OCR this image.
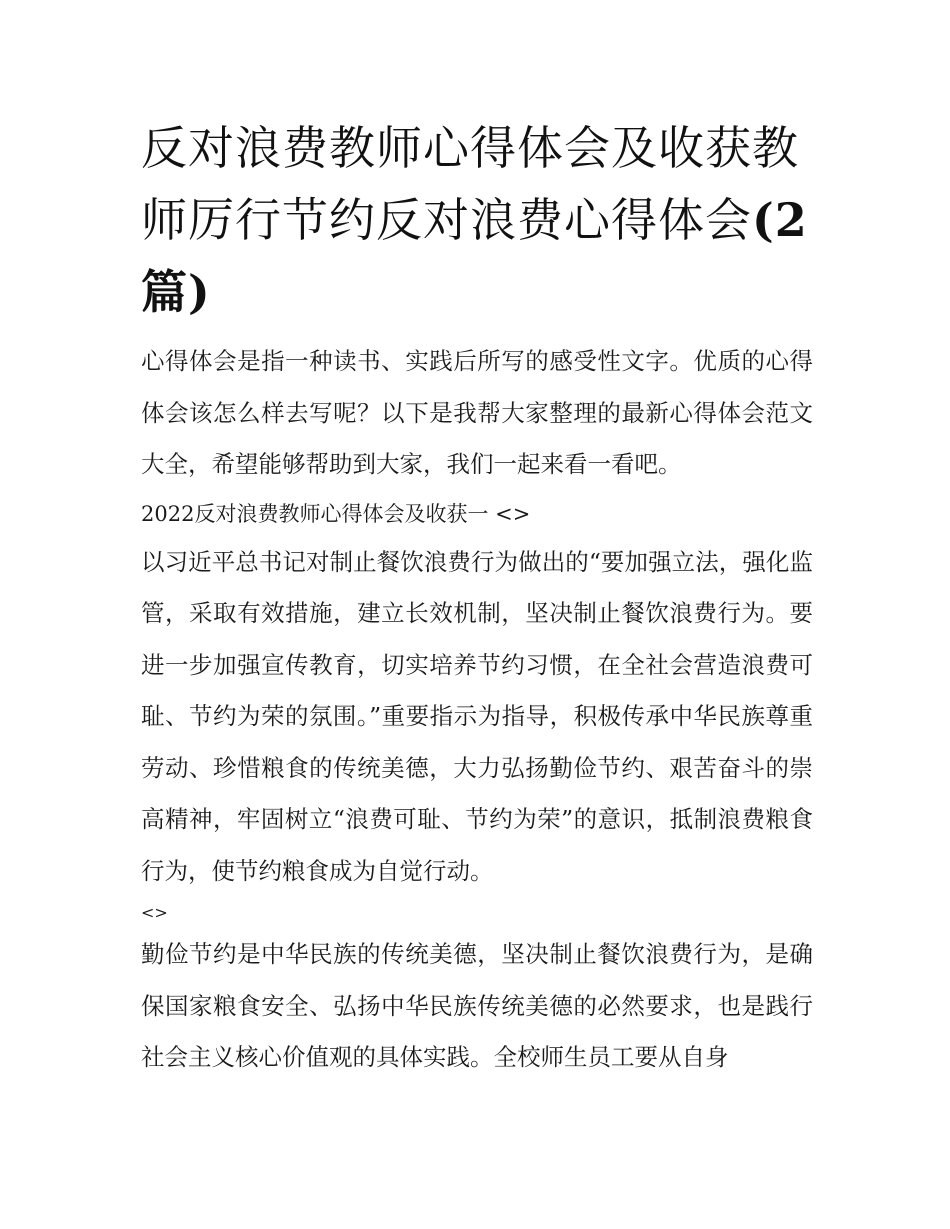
反对浪费教师心得体会及收获教师厉行节约反对浪费心得体会(2篇)

心得体会是指一种读书、实践后所写的感受性文字。优质的心得体会该怎么样去写呢？以下是我帮大家整理的最新心得体会范文大全，希望能够帮助到大家，我们一起来看一看吧。

2022反对浪费教师心得体会及收获一 <>

以习近平总书记对制止餐饮浪费行为做出的“要加强立法，强化监管，采取有效措施，建立长效机制，坚决制止餐饮浪费行为。要进一步加强宣传教育，切实培养节约习惯，在全社会营造浪费可耻、节约为荣的氛围。”重要指示为指导，积极传承中华民族尊重劳动、珍惜粮食的传统美德，大力弘扬勤俭节约、艰苦奋斗的崇高精神，牢固树立“浪费可耻、节约为荣”的意识，抵制浪费粮食行为，使节约粮食成为自觉行动。

<>

勤俭节约是中华民族的传统美德，坚决制止餐饮浪费行为，是确保国家粮食安全、弘扬中华民族传统美德的必然要求，也是践行社会主义核心价值观的具体实践。全校师生员工要从自身
